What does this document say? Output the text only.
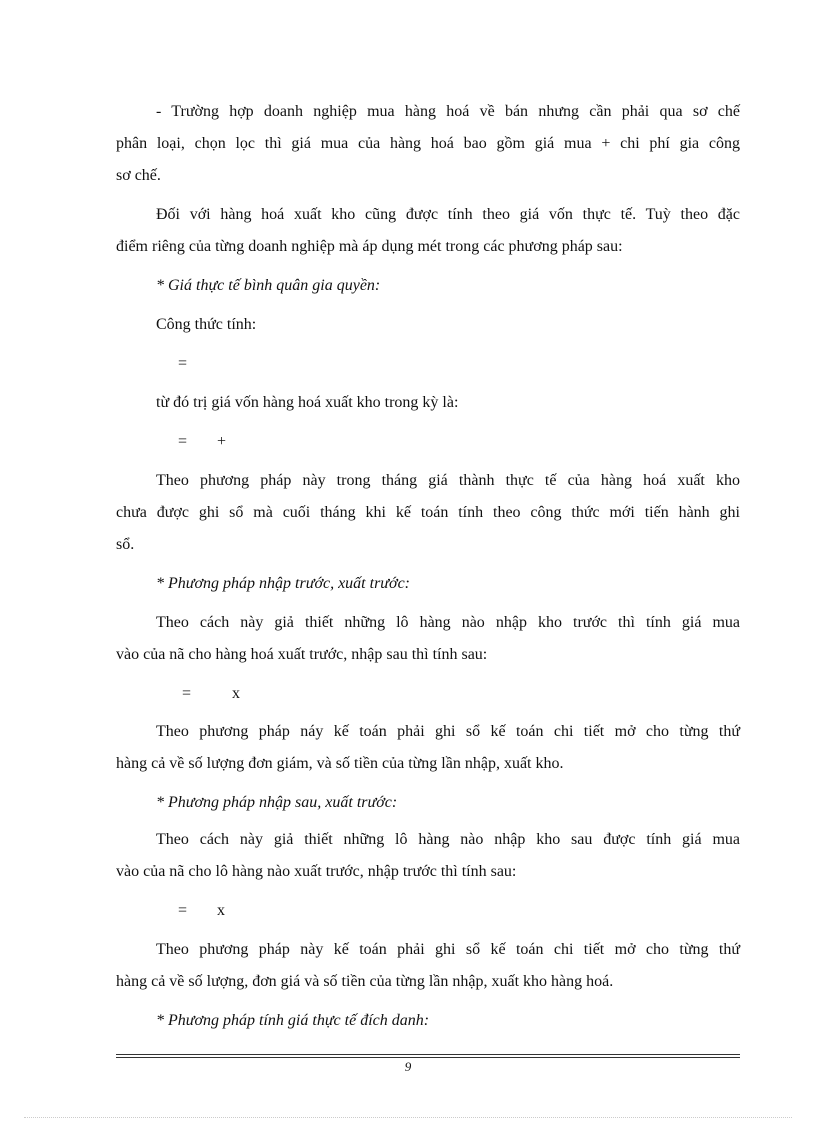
- Trường hợp doanh nghiệp mua hàng hoá về bán nhưng cần phải qua sơ chế
phân loại, chọn lọc thì giá mua của hàng hoá bao gồm giá mua + chi phí gia công
sơ chế.
Đối với hàng hoá xuất kho cũng được tính theo giá vốn thực tế. Tuỳ theo đặc
điểm riêng của từng doanh nghiệp mà áp dụng mét trong các phương pháp sau:
* Giá thực tế bình quân gia quyền:
Công thức tính:
=
từ đó trị giá vốn hàng hoá xuất kho trong kỳ là:
= +
Theo phương pháp này trong tháng giá thành thực tế của hàng hoá xuất kho
chưa được ghi sổ mà cuối tháng khi kế toán tính theo công thức mới tiến hành ghi
sổ.
* Phương pháp nhập trước, xuất trước:
Theo cách này giả thiết những lô hàng nào nhập kho trước thì tính giá mua
vào của nã cho hàng hoá xuất trước, nhập sau thì tính sau:
=	x
Theo phương pháp náy kế toán phải ghi sổ kế toán chi tiết mở cho từng thứ
hàng cả về số lượng đơn giám, và số tiền của từng lần nhập, xuất kho.
* Phương pháp nhập sau, xuất trước:
Theo cách này giả thiết những lô hàng nào nhập kho sau được tính giá mua
vào của nã cho lô hàng nào xuất trước, nhập trước thì tính sau:
= x
Theo phương pháp này kế toán phải ghi sổ kế toán chi tiết mở cho từng thứ
hàng cả về số lượng, đơn giá và số tiền của từng lần nhập, xuất kho hàng hoá.
* Phương pháp tính giá thực tế đích danh:
9
